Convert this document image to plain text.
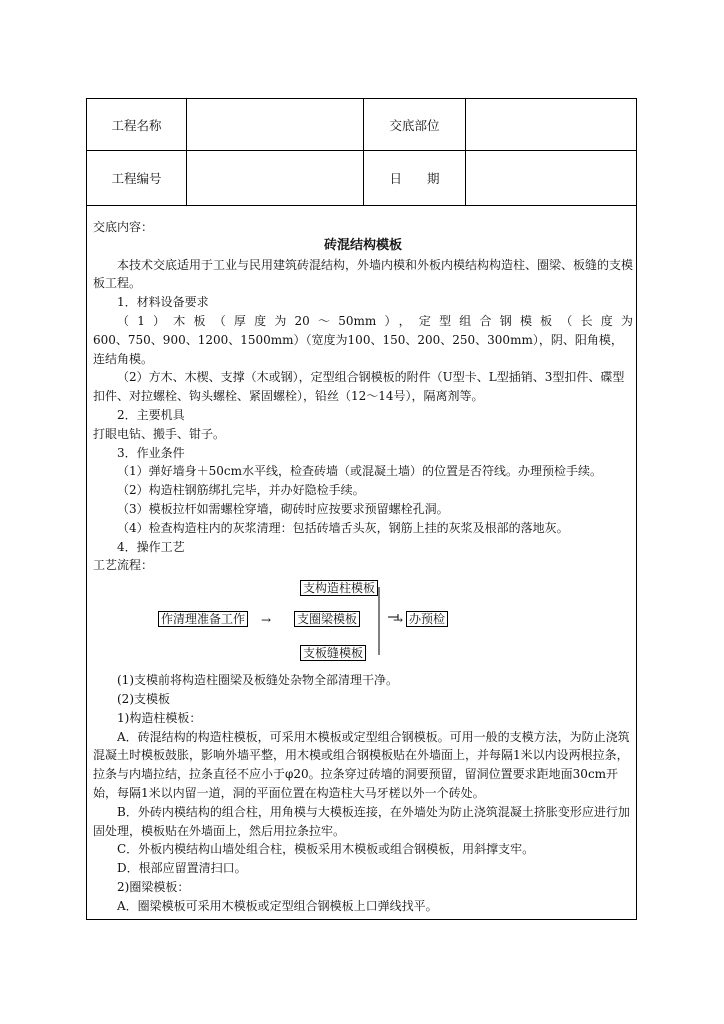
工程名称	交底部位
工程编号	日　　期

交底内容：

砖混结构模板

本技术交底适用于工业与民用建筑砖混结构，外墙内模和外板内模结构构造柱、圈梁、板缝的支模板工程。

1．材料设备要求

（1）木板（厚度为20～50mm），定型组合钢模板（长度为

600、750、900、1200、1500mm）（宽度为100、150、200、250、300mm），阴、阳角模，连结角模。

（2）方木、木楔、支撑（木或钢），定型组合钢模板的附件（U型卡、L型插销、3型扣件、碟型扣件、对拉螺栓、钩头螺栓、紧固螺栓），铅丝（12～14号），隔离剂等。

2．主要机具

打眼电钻、搬手、钳子。

3．作业条件

（1）弹好墙身＋50cm水平线，检查砖墙（或混凝土墙）的位置是否符线。办理预检手续。

（2）构造柱钢筋绑扎完毕，并办好隐检手续。

（3）模板拉杆如需螺栓穿墙，砌砖时应按要求预留螺栓孔洞。

（4）检查构造柱内的灰浆清理：包括砖墙舌头灰，钢筋上挂的灰浆及根部的落地灰。

4．操作工艺

工艺流程：

支构造柱模板
作清理准备工作 → 支圈梁模板
支板缝模板
→ 办预检

(1)支模前将构造柱圈梁及板缝处杂物全部清理干净。

(2)支模板

1)构造柱模板：

A．砖混结构的构造柱模板，可采用木模板或定型组合钢模板。可用一般的支模方法，为防止浇筑混凝土时模板鼓胀，影响外墙平整，用木模或组合钢模板贴在外墙面上，并每隔1米以内设两根拉条，拉条与内墙拉结，拉条直径不应小于φ20。拉条穿过砖墙的洞要预留，留洞位置要求距地面30cm开始，每隔1米以内留一道，洞的平面位置在构造柱大马牙槎以外一个砖处。

B．外砖内模结构的组合柱，用角模与大模板连接，在外墙处为防止浇筑混凝土挤胀变形应进行加固处理，模板贴在外墙面上，然后用拉条拉牢。

C．外板内模结构山墙处组合柱，模板采用木模板或组合钢模板，用斜撑支牢。

D．根部应留置清扫口。

2)圈梁模板：

A．圈梁模板可采用木模板或定型组合钢模板上口弹线找平。
